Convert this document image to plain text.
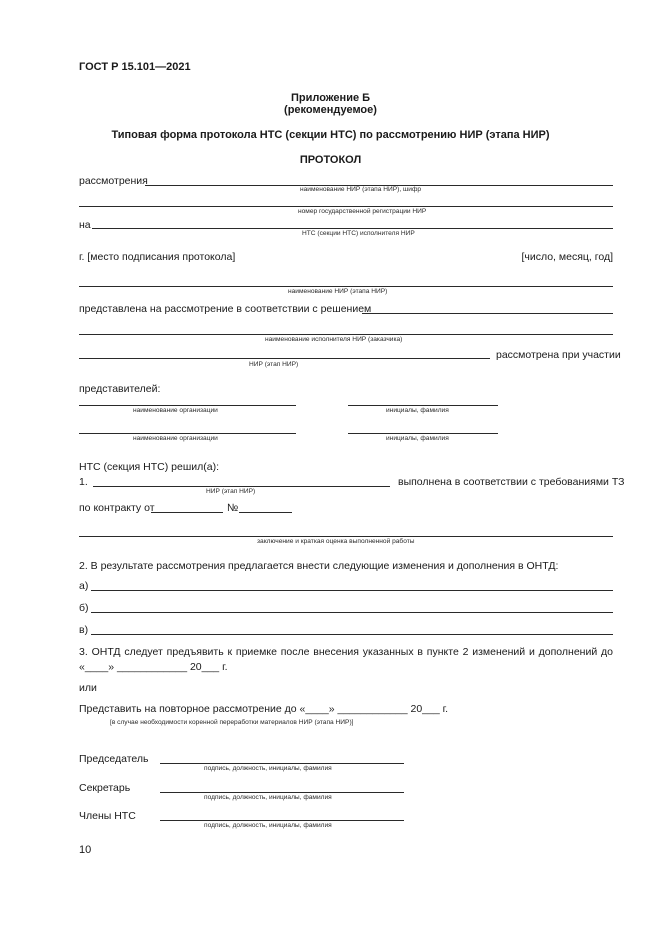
ГОСТ Р 15.101—2021
Приложение Б
(рекомендуемое)
Типовая форма протокола НТС (секции НТС) по рассмотрению НИР (этапа НИР)
ПРОТОКОЛ
рассмотрения
наименование НИР (этапа НИР), шифр
номер государственной регистрации НИР
на
НТС (секции НТС) исполнителя НИР
г. [место подписания протокола]	[число, месяц, год]
наименование НИР (этапа НИР)
представлена на рассмотрение в соответствии с решением
наименование исполнителя НИР (заказчика)
рассмотрена при участии
НИР (этап НИР)
представителей:
наименование организации	инициалы, фамилия
наименование организации	инициалы, фамилия
НТС (секция НТС) решил(а):
1.	выполнена в соответствии с требованиями ТЗ
НИР (этап НИР)
по контракту от	№
заключение и краткая оценка выполненной работы
2. В результате рассмотрения предлагается внести следующие изменения и дополнения в ОНТД:
а)
б)
в)
3. ОНТД следует предъявить к приемке после внесения указанных в пункте 2 изменений и дополнений до
«____» ____________ 20___ г.
или
Представить на повторное рассмотрение до «____» ____________ 20___ г.
[в случае необходимости коренной переработки материалов НИР (этапа НИР)]
Председатель
подпись, должность, инициалы, фамилия
Секретарь
подпись, должность, инициалы, фамилия
Члены НТС
подпись, должность, инициалы, фамилия
10
